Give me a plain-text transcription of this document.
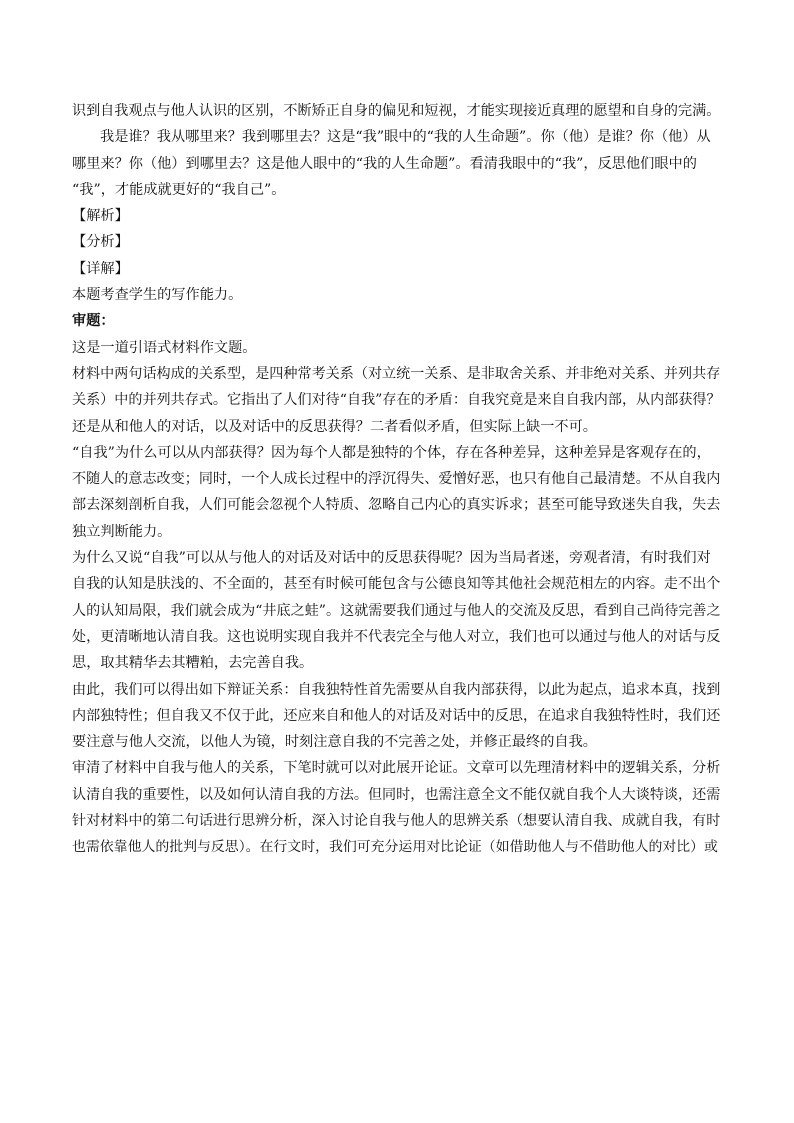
识到自我观点与他人认识的区别，不断矫正自身的偏见和短视，才能实现接近真理的愿望和自身的完满。
我是谁？我从哪里来？我到哪里去？这是“我”眼中的“我的人生命题”。你（他）是谁？你（他）从
哪里来？你（他）到哪里去？这是他人眼中的“我的人生命题”。看清我眼中的“我”，反思他们眼中的
“我”，才能成就更好的“我自己”。
【解析】
【分析】
【详解】
本题考查学生的写作能力。
审题：
这是一道引语式材料作文题。
材料中两句话构成的关系型，是四种常考关系（对立统一关系、是非取舍关系、并非绝对关系、并列共存
关系）中的并列共存式。它指出了人们对待“自我”存在的矛盾：自我究竟是来自自我内部，从内部获得？
还是从和他人的对话，以及对话中的反思获得？二者看似矛盾，但实际上缺一不可。
“自我”为什么可以从内部获得？因为每个人都是独特的个体，存在各种差异，这种差异是客观存在的，
不随人的意志改变；同时，一个人成长过程中的浮沉得失、爱憎好恶，也只有他自己最清楚。不从自我内
部去深刻剖析自我，人们可能会忽视个人特质、忽略自己内心的真实诉求；甚至可能导致迷失自我，失去
独立判断能力。
为什么又说“自我”可以从与他人的对话及对话中的反思获得呢？因为当局者迷，旁观者清，有时我们对
自我的认知是肤浅的、不全面的，甚至有时候可能包含与公德良知等其他社会规范相左的内容。走不出个
人的认知局限，我们就会成为“井底之蛙”。这就需要我们通过与他人的交流及反思，看到自己尚待完善之
处，更清晰地认清自我。这也说明实现自我并不代表完全与他人对立，我们也可以通过与他人的对话与反
思，取其精华去其糟粕，去完善自我。
由此，我们可以得出如下辩证关系：自我独特性首先需要从自我内部获得，以此为起点，追求本真，找到
内部独特性；但自我又不仅于此，还应来自和他人的对话及对话中的反思，在追求自我独特性时，我们还
要注意与他人交流，以他人为镜，时刻注意自我的不完善之处，并修正最终的自我。
审清了材料中自我与他人的关系，下笔时就可以对此展开论证。文章可以先理清材料中的逻辑关系，分析
认清自我的重要性，以及如何认清自我的方法。但同时，也需注意全文不能仅就自我个人大谈特谈，还需
针对材料中的第二句话进行思辨分析，深入讨论自我与他人的思辨关系（想要认清自我、成就自我，有时
也需依靠他人的批判与反思）。在行文时，我们可充分运用对比论证（如借助他人与不借助他人的对比）或
